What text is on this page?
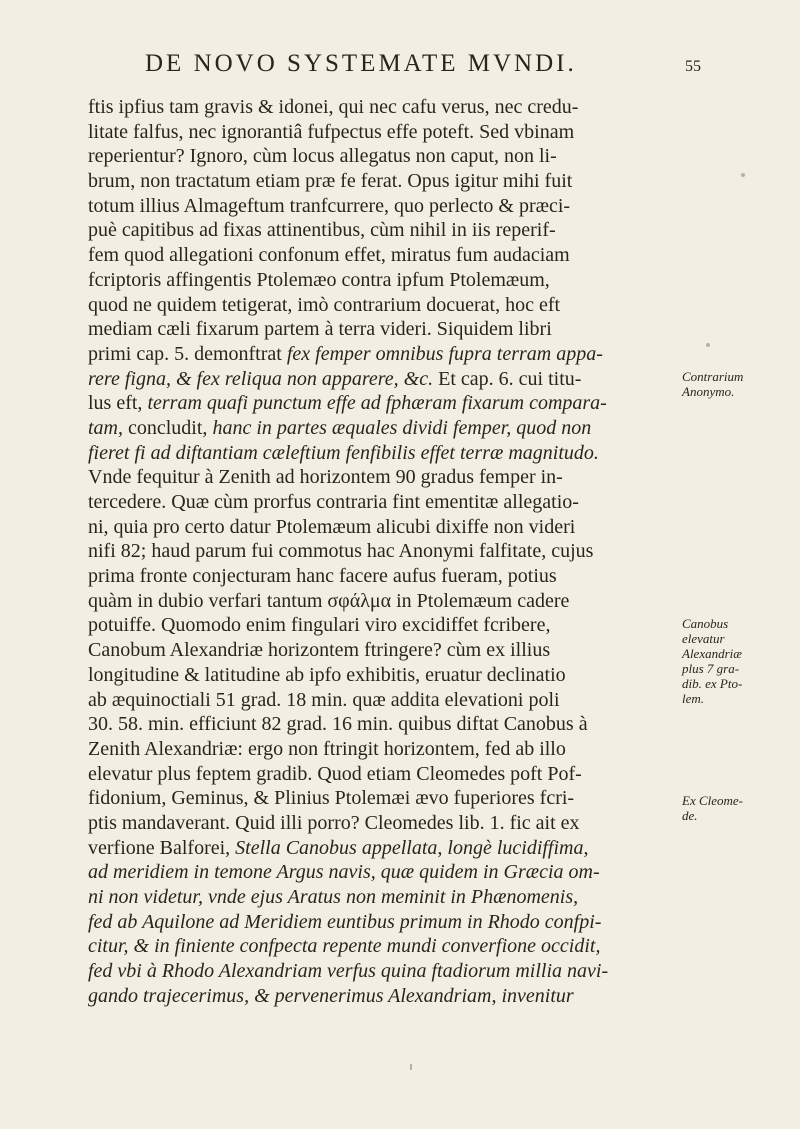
DE NOVO SYSTEMATE MVNDI.	55
ftis ipfius tam gravis & idonei, qui nec cafu verus, nec credu-
litate falfus, nec ignorantiâ fufpectus effe poteft. Sed vbinam
reperientur? Ignoro, cùm locus allegatus non caput, non li-
brum, non tractatum etiam præ fe ferat. Opus igitur mihi fuit
totum illius Almageftum tranfcurrere, quo perlecto & præci-
puè capitibus ad fixas attinentibus, cùm nihil in iis reperif-
fem quod allegationi confonum effet, miratus fum audaciam
fcriptoris affingentis Ptolemæo contra ipfum Ptolemæum,
quod ne quidem tetigerat, imò contrarium docuerat, hoc eft
mediam cæli fixarum partem à terra videri. Siquidem libri
primi cap. 5. demonftrat fex femper omnibus fupra terram appa-
rere figna, & fex reliqua non apparere, &c. Et cap. 6. cui titu-
lus eft, terram quafi punctum effe ad fphæram fixarum compara-
tam, concludit, hanc in partes æquales dividi femper, quod non
fieret fi ad diftantiam cæleftium fenfibilis effet terræ magnitudo.
Vnde fequitur à Zenith ad horizontem 90 gradus femper in-
tercedere. Quæ cùm prorfus contraria fint ementitæ allegatio-
ni, quia pro certo datur Ptolemæum alicubi dixiffe non videri
nifi 82; haud parum fui commotus hac Anonymi falfitate, cujus
prima fronte conjecturam hanc facere aufus fueram, potius
quàm in dubio verfari tantum σφάλμα in Ptolemæum cadere
potuiffe. Quomodo enim fingulari viro excidiffet fcribere,
Canobum Alexandriæ horizontem ftringere? cùm ex illius
longitudine & latitudine ab ipfo exhibitis, eruatur declinatio
ab æquinoctiali 51 grad. 18 min. quæ addita elevationi poli
30. 58. min. efficiunt 82 grad. 16 min. quibus diftat Canobus à
Zenith Alexandriæ: ergo non ftringit horizontem, fed ab illo
elevatur plus feptem gradib. Quod etiam Cleomedes poft Pof-
fidonium, Geminus, & Plinius Ptolemæi ævo fuperiores fcri-
ptis mandaverant. Quid illi porro? Cleomedes lib. 1. fic ait ex
verfione Balforei, Stella Canobus appellata, longè lucidiffima,
ad meridiem in temone Argus navis, quæ quidem in Græcia om-
ni non videtur, vnde ejus Aratus non meminit in Phænomenis,
fed ab Aquilone ad Meridiem euntibus primum in Rhodo confpi-
citur, & in finiente confpecta repente mundi converfione occidit,
fed vbi à Rhodo Alexandriam verfus quina ftadiorum millia navi-
gando trajecerimus, & pervenerimus Alexandriam, invenitur
Contrarium
Anonymo.
Canobus
elevatur
Alexandriæ
plus 7 gra-
dib. ex Pto-
lem.
Ex Cleome-
de.
